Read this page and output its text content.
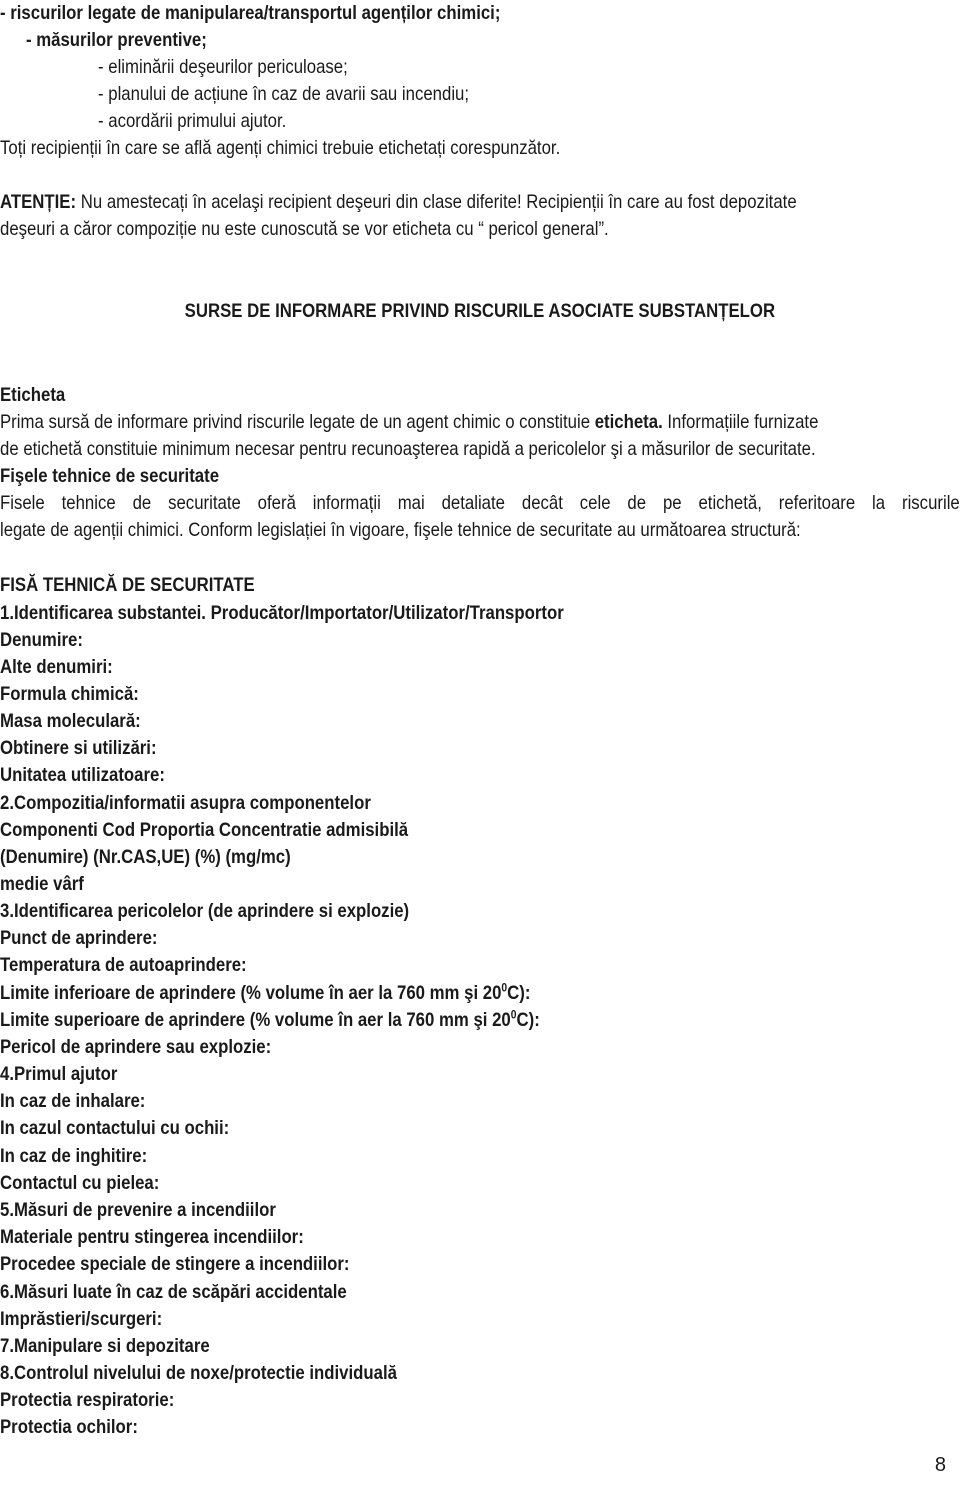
- riscurilor legate de manipularea/transportul agenților chimici;

- măsurilor preventive;

- eliminării deşeurilor periculoase;

- planului de acțiune în caz de avarii sau incendiu;

- acordării primului ajutor.

Toți recipienții în care se află agenți chimici trebuie etichetați corespunzător.

ATENȚIE: Nu amestecați în acelaşi recipient deşeuri din clase diferite! Recipienții în care au fost depozitate

deşeuri a căror compoziție nu este cunoscută se vor eticheta cu “ pericol general”.

SURSE DE INFORMARE PRIVIND RISCURILE ASOCIATE SUBSTANȚELOR

Eticheta

Prima sursă de informare privind riscurile legate de un agent chimic o constituie eticheta. Informațiile furnizate

de etichetă constituie minimum necesar pentru recunoaşterea rapidă a pericolelor şi a măsurilor de securitate.

Fişele tehnice de securitate

Fisele tehnice de securitate oferă informații mai detaliate decât cele de pe etichetă, referitoare la riscurile

legate de agenții chimici. Conform legislației în vigoare, fişele tehnice de securitate au următoarea structură:

FISĂ TEHNICĂ DE SECURITATE

1.Identificarea substantei. Producător/Importator/Utilizator/Transportor

Denumire:

Alte denumiri:

Formula chimică:

Masa moleculară:

Obtinere si utilizări:

Unitatea utilizatoare:

2.Compozitia/informatii asupra componentelor

Componenti Cod Proportia Concentratie admisibilă

(Denumire) (Nr.CAS,UE) (%) (mg/mc)

medie vârf

3.Identificarea pericolelor (de aprindere si explozie)

Punct de aprindere:

Temperatura de autoaprindere:

Limite inferioare de aprindere (% volume în aer la 760 mm şi $20^0C$):

Limite superioare de aprindere (% volume în aer la 760 mm şi $20^0C$):

Pericol de aprindere sau explozie:

4.Primul ajutor

In caz de inhalare:

In cazul contactului cu ochii:

In caz de inghitire:

Contactul cu pielea:

5.Măsuri de prevenire a incendiilor

Materiale pentru stingerea incendiilor:

Procedee speciale de stingere a incendiilor:

6.Măsuri luate în caz de scăpări accidentale

Imprăstieri/scurgeri:

7.Manipulare si depozitare

8.Controlul nivelului de noxe/protectie individuală

Protectia respiratorie:

Protectia ochilor:

8
